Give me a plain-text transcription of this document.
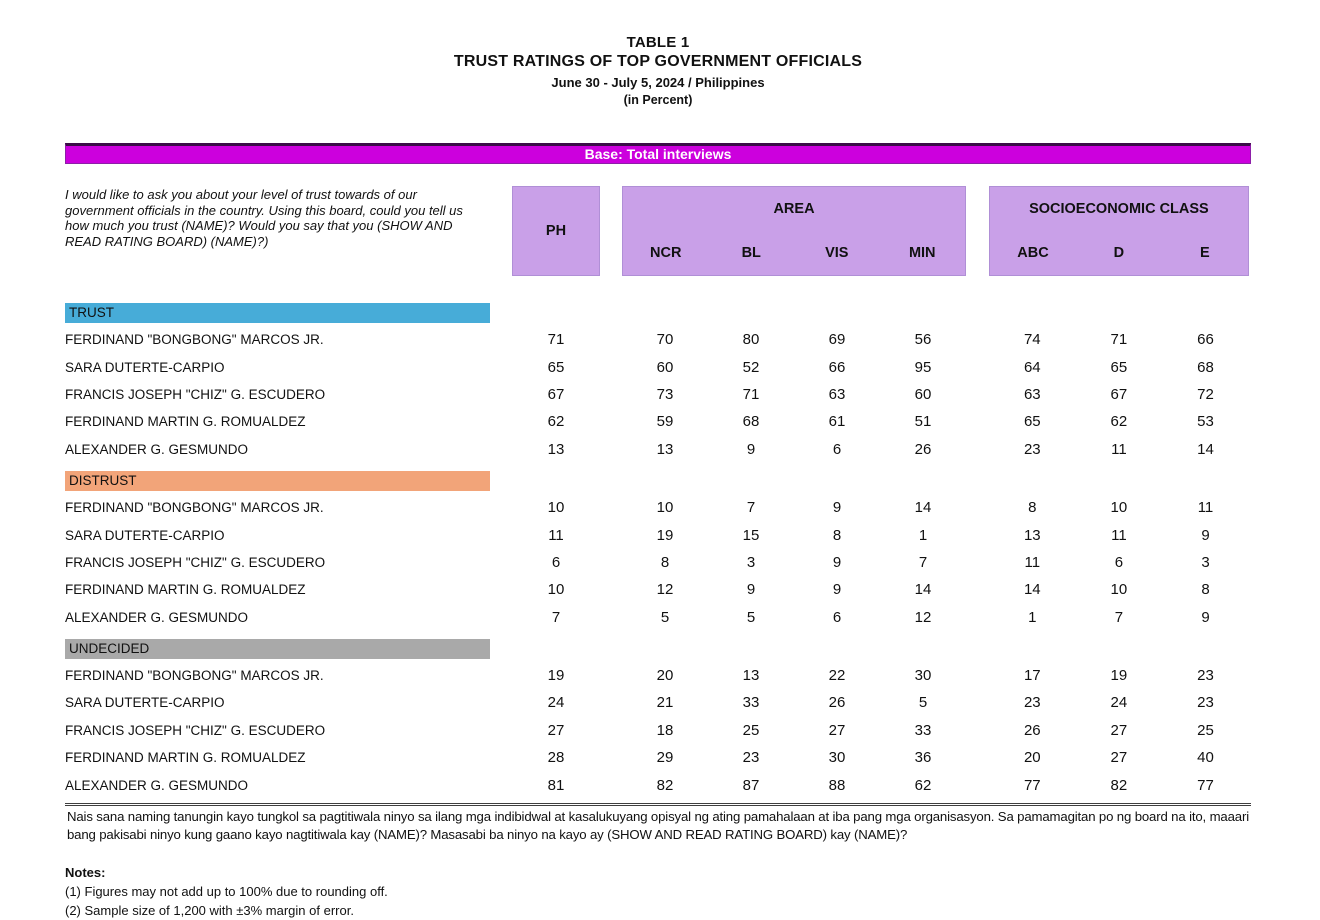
TABLE 1
TRUST RATINGS OF TOP GOVERNMENT OFFICIALS
June 30 - July 5, 2024 / Philippines
(in Percent)
Base: Total interviews
I would like to ask you about your level of trust towards of our government officials in the country. Using this board, could you tell us how much you trust (NAME)? Would you say that you (SHOW AND READ RATING BOARD) (NAME)?)
PH
AREA
NCR	BL	VIS	MIN
SOCIOECONOMIC CLASS
ABC	D	E
TRUST
FERDINAND "BONGBONG" MARCOS JR.	71	70	80	69	56	74	71	66
SARA DUTERTE-CARPIO	65	60	52	66	95	64	65	68
FRANCIS JOSEPH "CHIZ" G. ESCUDERO	67	73	71	63	60	63	67	72
FERDINAND MARTIN G. ROMUALDEZ	62	59	68	61	51	65	62	53
ALEXANDER G. GESMUNDO	13	13	9	6	26	23	11	14
DISTRUST
FERDINAND "BONGBONG" MARCOS JR.	10	10	7	9	14	8	10	11
SARA DUTERTE-CARPIO	11	19	15	8	1	13	11	9
FRANCIS JOSEPH "CHIZ" G. ESCUDERO	6	8	3	9	7	11	6	3
FERDINAND MARTIN G. ROMUALDEZ	10	12	9	9	14	14	10	8
ALEXANDER G. GESMUNDO	7	5	5	6	12	1	7	9
UNDECIDED
FERDINAND "BONGBONG" MARCOS JR.	19	20	13	22	30	17	19	23
SARA DUTERTE-CARPIO	24	21	33	26	5	23	24	23
FRANCIS JOSEPH "CHIZ" G. ESCUDERO	27	18	25	27	33	26	27	25
FERDINAND MARTIN G. ROMUALDEZ	28	29	23	30	36	20	27	40
ALEXANDER G. GESMUNDO	81	82	87	88	62	77	82	77
Nais sana naming tanungin kayo tungkol sa pagtitiwala ninyo sa ilang mga indibidwal at kasalukuyang opisyal ng ating pamahalaan at iba pang mga organisasyon. Sa pamamagitan po ng board na ito, maaari bang pakisabi ninyo kung gaano kayo nagtitiwala kay (NAME)? Masasabi ba ninyo na kayo ay (SHOW AND READ RATING BOARD) kay (NAME)?
Notes:
(1) Figures may not add up to 100% due to rounding off.
(2) Sample size of 1,200 with ±3% margin of error.
